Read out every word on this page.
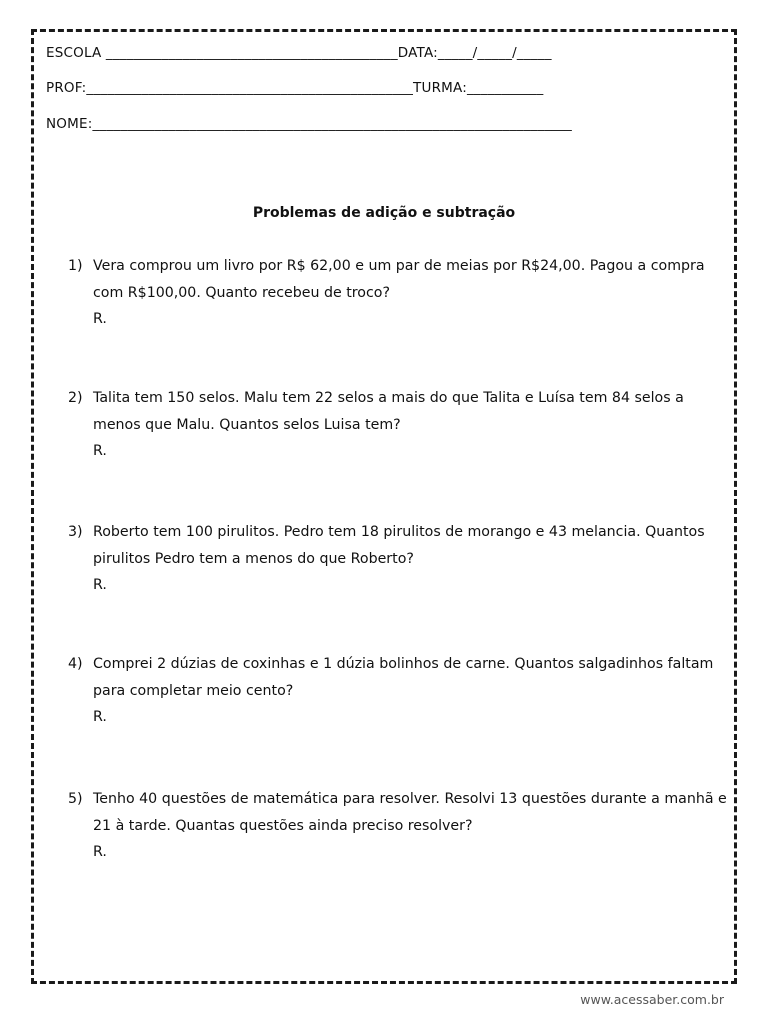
ESCOLA __________________________________________DATA:_____/_____/_____
PROF:_______________________________________________TURMA:___________
NOME:_____________________________________________________________________
Problemas de adição e subtração
1) Vera comprou um livro por R$ 62,00 e um par de meias por R$24,00. Pagou a compra com R$100,00. Quanto recebeu de troco?
R.
2) Talita tem 150 selos. Malu tem 22 selos a mais do que Talita e Luísa tem 84 selos a menos que Malu. Quantos selos Luisa tem?
R.
3) Roberto tem 100 pirulitos. Pedro tem 18 pirulitos de morango e 43 melancia. Quantos pirulitos Pedro tem a menos do que Roberto?
R.
4) Comprei 2 dúzias de coxinhas e 1 dúzia bolinhos de carne. Quantos salgadinhos faltam para completar meio cento?
R.
5) Tenho 40 questões de matemática para resolver. Resolvi 13 questões durante a manhã e 21 à tarde. Quantas questões ainda preciso resolver?
R.
www.acessaber.com.br
